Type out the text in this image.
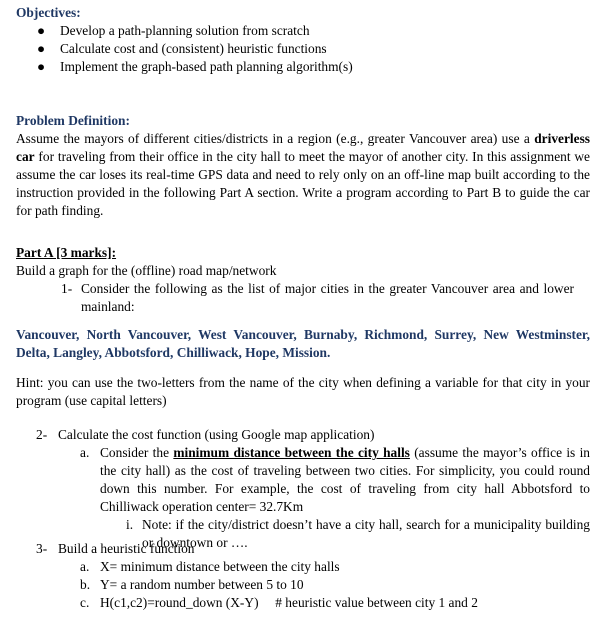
Objectives:

● Develop a path-planning solution from scratch
● Calculate cost and (consistent) heuristic functions
● Implement the graph-based path planning algorithm(s)

Problem Definition:

Assume the mayors of different cities/districts in a region (e.g., greater Vancouver area) use a driverless car for traveling from their office in the city hall to meet the mayor of another city. In this assignment we assume the car loses its real-time GPS data and need to rely only on an off-line map built according to the instruction provided in the following Part A section. Write a program according to Part B to guide the car for path finding.

Part A [3 marks]:

Build a graph for the (offline) road map/network

1- Consider the following as the list of major cities in the greater Vancouver area and lower mainland:

Vancouver, North Vancouver, West Vancouver, Burnaby, Richmond, Surrey, New Westminster, Delta, Langley, Abbotsford, Chilliwack, Hope, Mission.

Hint: you can use the two-letters from the name of the city when defining a variable for that city in your program (use capital letters)

2- Calculate the cost function (using Google map application)

a. Consider the minimum distance between the city halls (assume the mayor’s office is in the city hall) as the cost of traveling between two cities. For simplicity, you could round down this number. For example, the cost of traveling from city hall Abbotsford to Chilliwack operation center= 32.7Km

i. Note: if the city/district doesn’t have a city hall, search for a municipality building or downtown or ….

3- Build a heuristic function

a. X= minimum distance between the city halls

b. Y= a random number between 5 to 10

c. H(c1,c2)=round_down (X-Y)     # heuristic value between city 1 and 2
